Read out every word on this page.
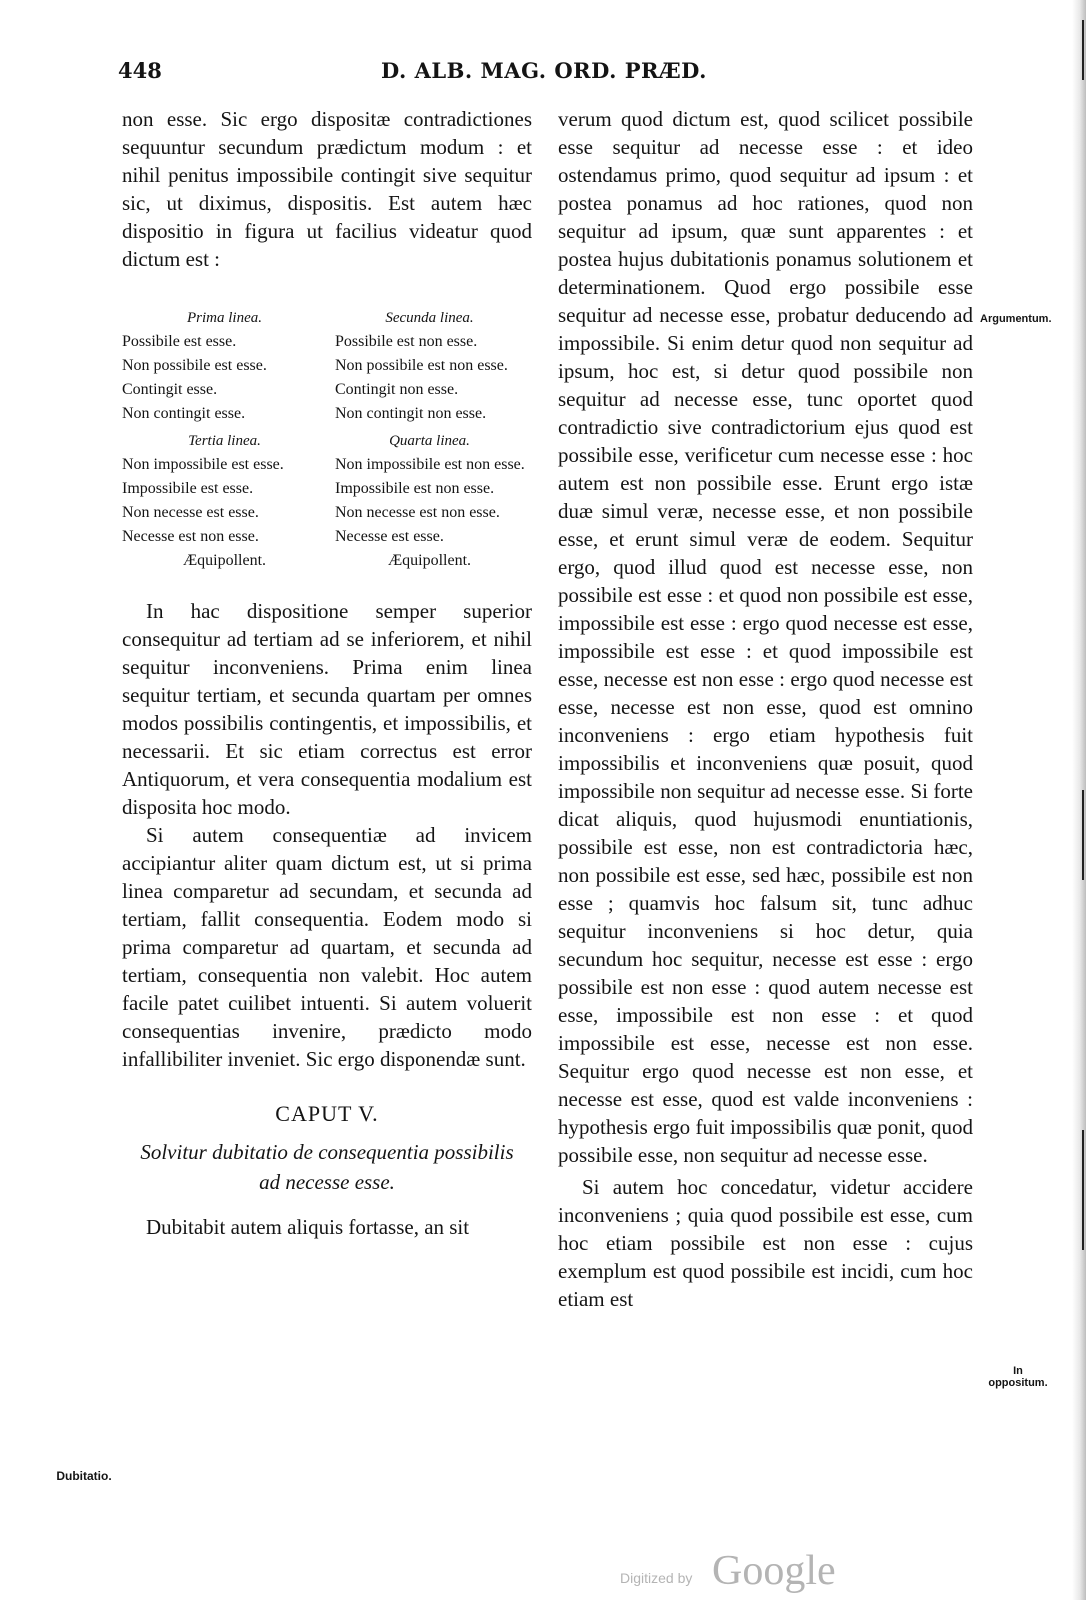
448	D. ALB. MAG. ORD. PRÆD.

non esse. Sic ergo dispositæ contradictiones sequuntur secundum prædictum modum : et nihil penitus impossibile contingit sive sequitur sic, ut diximus, dispositis. Est autem hæc dispositio in figura ut facilius videatur quod dictum est :

Prima linea.	Secunda linea.
Possibile est esse.	Possibile est non esse.
Non possibile est esse.	Non possibile est non esse.
Contingit esse.	Contingit non esse.
Non contingit esse.	Non contingit non esse.
Tertia linea.	Quarta linea.
Non impossibile est esse.	Non impossibile est non esse.
Impossibile est esse.	Impossibile est non esse.
Non necesse est esse.	Non necesse est non esse.
Necesse est non esse.	Necesse est esse.
Æquipollent.	Æquipollent.

In hac dispositione semper superior consequitur ad tertiam ad se inferiorem, et nihil sequitur inconveniens. Prima enim linea sequitur tertiam, et secunda quartam per omnes modos possibilis contingentis, et impossibilis, et necessarii. Et sic etiam correctus est error Antiquorum, et vera consequentia modalium est disposita hoc modo.

Si autem consequentiæ ad invicem accipiantur aliter quam dictum est, ut si prima linea comparetur ad secundam, et secunda ad tertiam, fallit consequentia. Eodem modo si prima comparetur ad quartam, et secunda ad tertiam, consequentia non valebit. Hoc autem facile patet cuilibet intuenti. Si autem voluerit consequentias invenire, prædicto modo infallibiliter inveniet. Sic ergo disponendæ sunt.

CAPUT V.
Solvitur dubitatio de consequentia possibilis ad necesse esse.

Dubitabit autem aliquis fortasse, an sit

verum quod dictum est, quod scilicet possibile esse sequitur ad necesse esse : et ideo ostendamus primo, quod sequitur ad ipsum : et postea ponamus ad hoc rationes, quod non sequitur ad ipsum, quæ sunt apparentes : et postea hujus dubitationis ponamus solutionem et determinationem. Quod ergo possibile esse sequitur ad necesse esse, probatur deducendo ad impossibile. Si enim detur quod non sequitur ad ipsum, hoc est, si detur quod possibile non sequitur ad necesse esse, tunc oportet quod contradictio sive contradictorium ejus quod est possibile esse, verificetur cum necesse esse : hoc autem est non possibile esse. Erunt ergo istæ duæ simul veræ, necesse esse, et non possibile esse, et erunt simul veræ de eodem. Sequitur ergo, quod illud quod est necesse esse, non possibile est esse : et quod non possibile est esse, impossibile est esse : ergo quod necesse est esse, impossibile est esse : et quod impossibile est esse, necesse est non esse : ergo quod necesse est esse, necesse est non esse, quod est omnino inconveniens : ergo etiam hypothesis fuit impossibilis et inconveniens quæ posuit, quod impossibile non sequitur ad necesse esse. Si forte dicat aliquis, quod hujusmodi enuntiationis, possibile est esse, non est contradictoria hæc, non possibile est esse, sed hæc, possibile est non esse ; quamvis hoc falsum sit, tunc adhuc sequitur inconveniens si hoc detur, quia secundum hoc sequitur, necesse est esse : ergo possibile est non esse : quod autem necesse est esse, impossibile est non esse : et quod impossibile est esse, necesse est non esse. Sequitur ergo quod necesse est non esse, et necesse est esse, quod est valde inconveniens : hypothesis ergo fuit impossibilis quæ ponit, quod possibile esse, non sequitur ad necesse esse.

Si autem hoc concedatur, videtur accidere inconveniens ; quia quod possibile est esse, cum hoc etiam possibile est non esse : cujus exemplum est quod possibile est incidi, cum hoc etiam est

Argumentum.
In oppositum.
Dubitatio.
Digitized by Google
